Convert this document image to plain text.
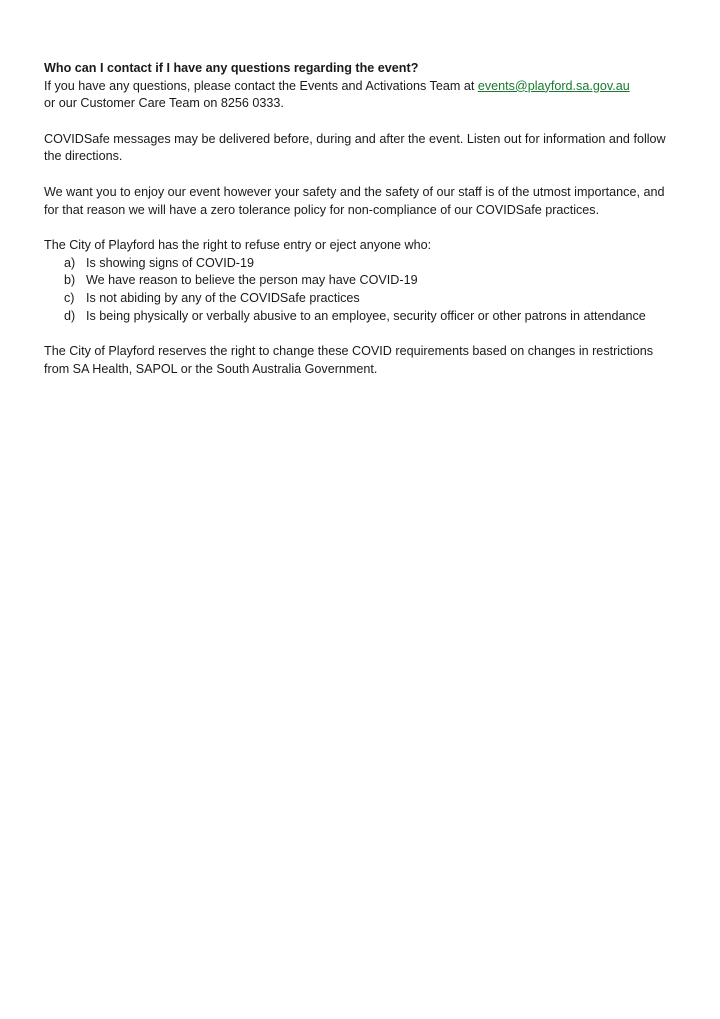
Who can I contact if I have any questions regarding the event?

If you have any questions, please contact the Events and Activations Team at events@playford.sa.gov.au
or our Customer Care Team on 8256 0333.

COVIDSafe messages may be delivered before, during and after the event. Listen out for information and follow the directions.

We want you to enjoy our event however your safety and the safety of our staff is of the utmost importance, and for that reason we will have a zero tolerance policy for non-compliance of our COVIDSafe practices.

The City of Playford has the right to refuse entry or eject anyone who:

a) Is showing signs of COVID-19
b) We have reason to believe the person may have COVID-19
c) Is not abiding by any of the COVIDSafe practices
d) Is being physically or verbally abusive to an employee, security officer or other patrons in attendance

The City of Playford reserves the right to change these COVID requirements based on changes in restrictions from SA Health, SAPOL or the South Australia Government.
